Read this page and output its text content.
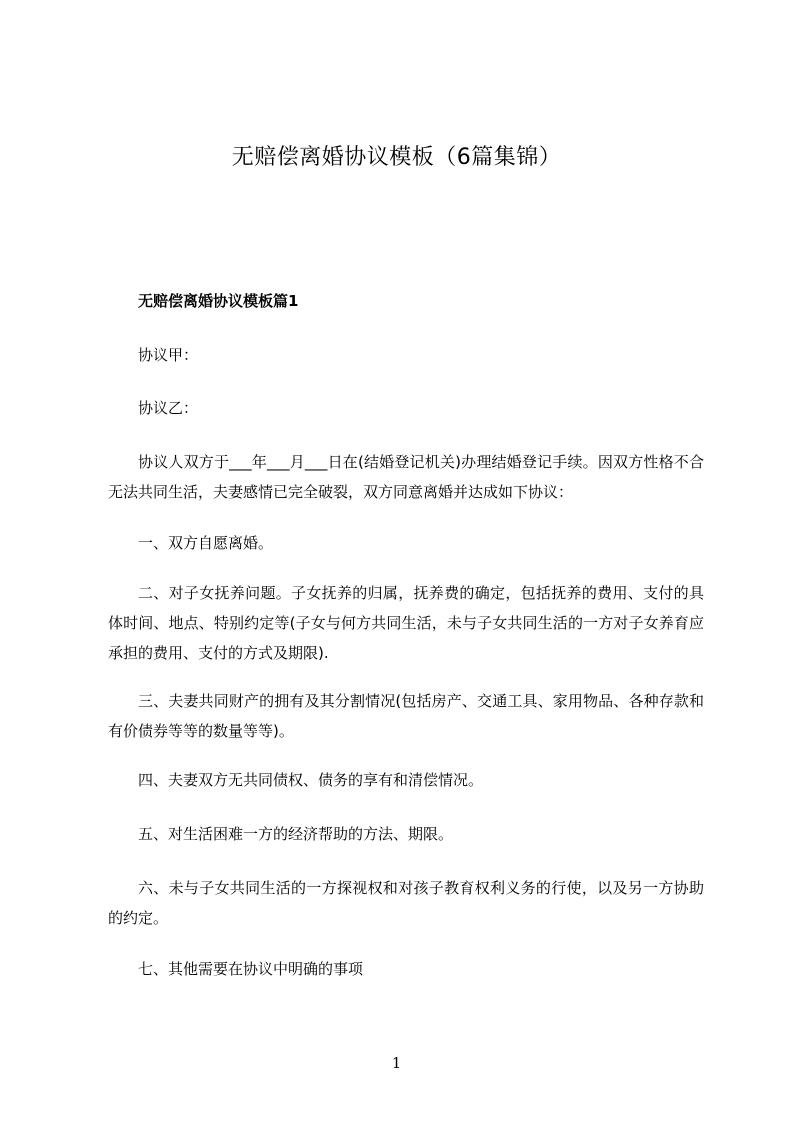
无赔偿离婚协议模板（6篇集锦）
无赔偿离婚协议模板篇1
协议甲：
协议乙：
协议人双方于___年___月___日在(结婚登记机关)办理结婚登记手续。因双方性格不合无法共同生活，夫妻感情已完全破裂，双方同意离婚并达成如下协议：
一、双方自愿离婚。
二、对子女抚养问题。子女抚养的归属，抚养费的确定，包括抚养的费用、支付的具体时间、地点、特别约定等(子女与何方共同生活，未与子女共同生活的一方对子女养育应承担的费用、支付的方式及期限).
三、夫妻共同财产的拥有及其分割情况(包括房产、交通工具、家用物品、各种存款和有价债券等等的数量等等)。
四、夫妻双方无共同债权、债务的享有和清偿情况。
五、对生活困难一方的经济帮助的方法、期限。
六、未与子女共同生活的一方探视权和对孩子教育权利义务的行使，以及另一方协助的约定。
七、其他需要在协议中明确的事项
1
